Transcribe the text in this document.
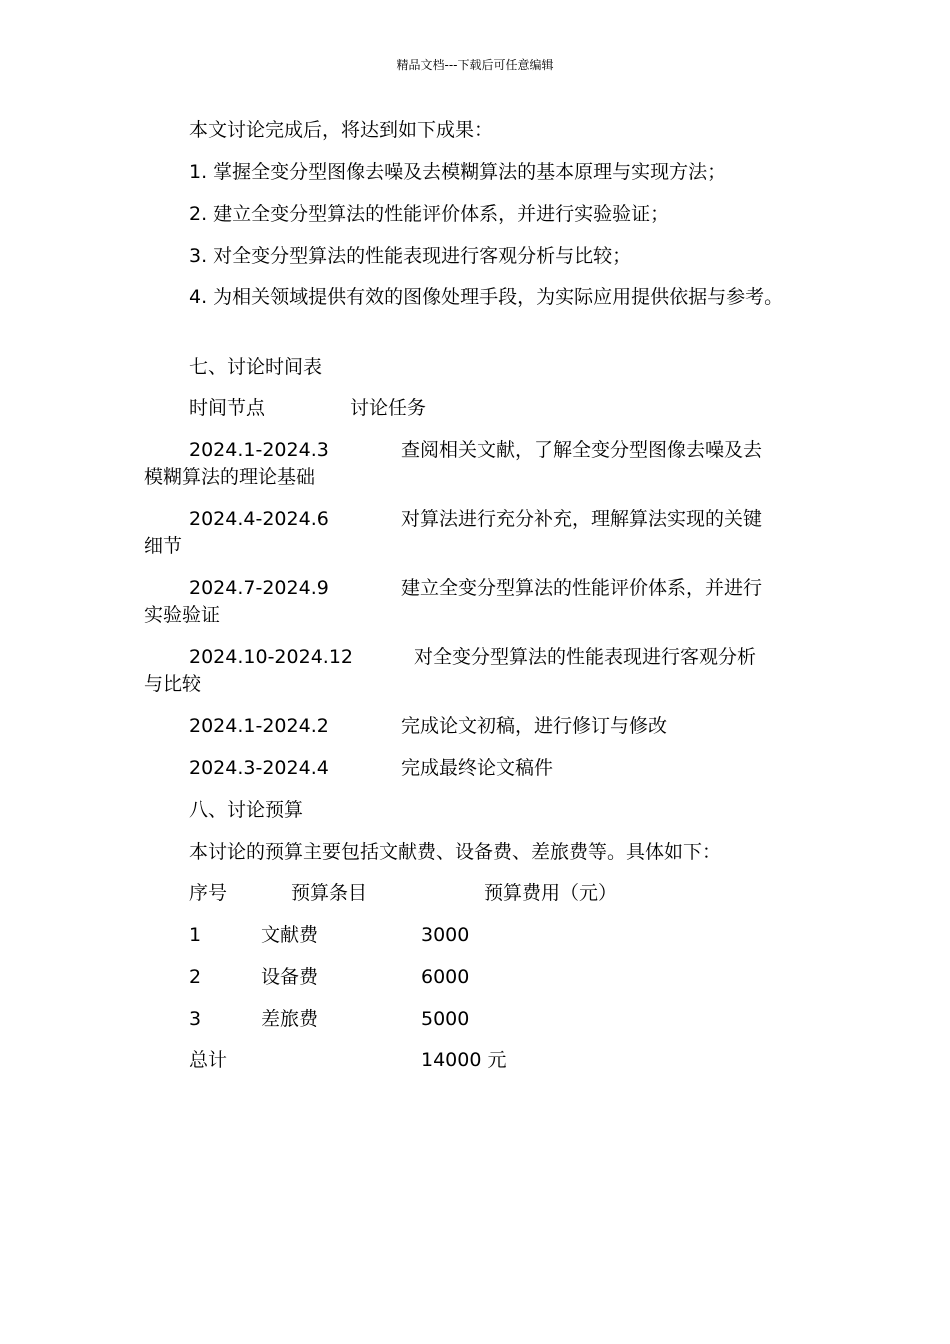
精品文档---下载后可任意编辑
本文讨论完成后，将达到如下成果：
1. 掌握全变分型图像去噪及去模糊算法的基本原理与实现方法；
2. 建立全变分型算法的性能评价体系，并进行实验验证；
3. 对全变分型算法的性能表现进行客观分析与比较；
4. 为相关领域提供有效的图像处理手段，为实际应用提供依据与参考。
七、讨论时间表
时间节点	讨论任务
2024.1-2024.3	查阅相关文献，了解全变分型图像去噪及去
模糊算法的理论基础
2024.4-2024.6	对算法进行充分补充，理解算法实现的关键
细节
2024.7-2024.9	建立全变分型算法的性能评价体系，并进行
实验验证
2024.10-2024.12	对全变分型算法的性能表现进行客观分析
与比较
2024.1-2024.2	完成论文初稿，进行修订与修改
2024.3-2024.4	完成最终论文稿件
八、讨论预算
本讨论的预算主要包括文献费、设备费、差旅费等。具体如下：
序号	预算条目	预算费用（元）
1	文献费	3000
2	设备费	6000
3	差旅费	5000
总计	14000 元
